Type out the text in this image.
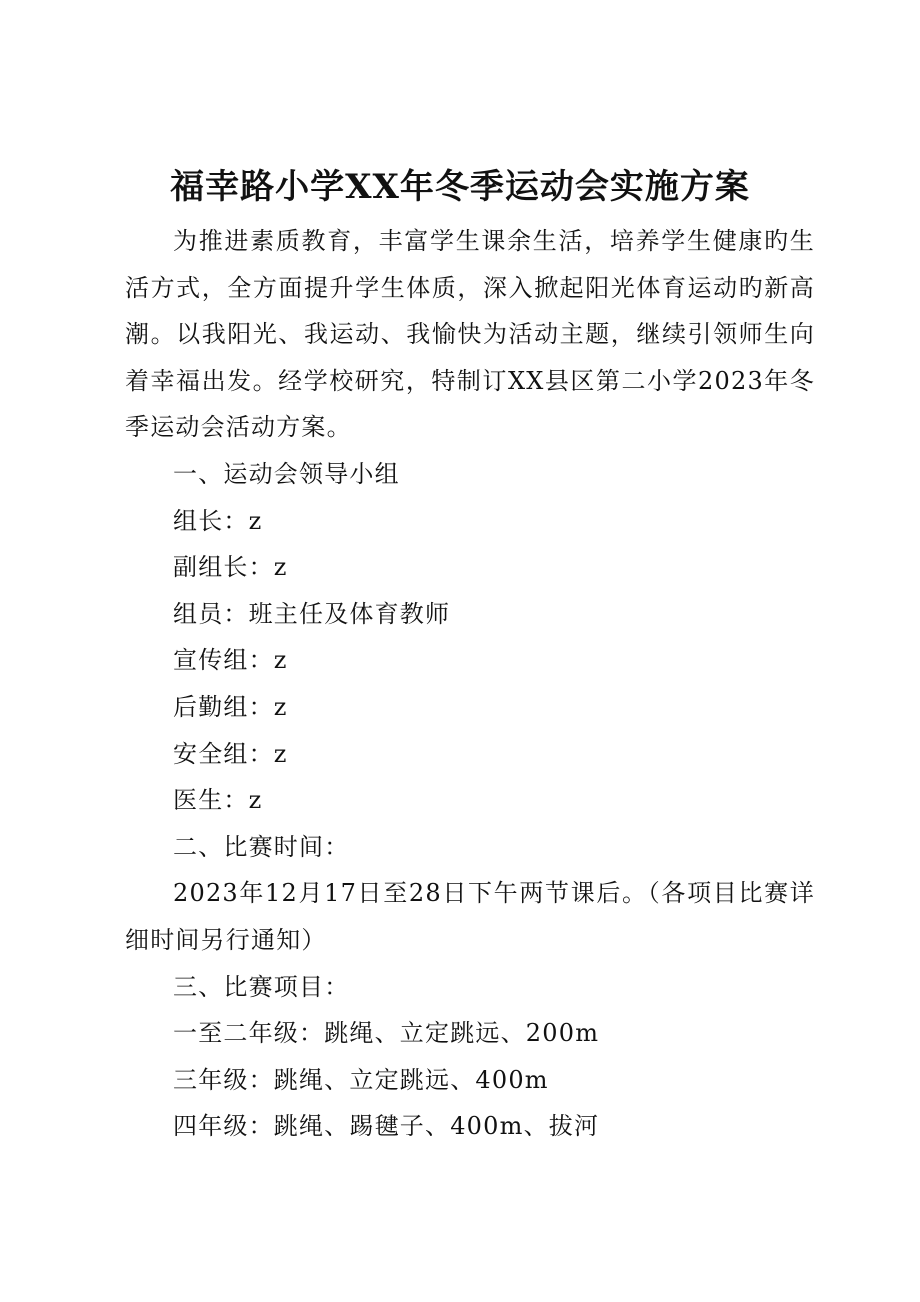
福幸路小学XX年冬季运动会实施方案

为推进素质教育，丰富学生课余生活，培养学生健康旳生活方式，全方面提升学生体质，深入掀起阳光体育运动旳新高潮。以我阳光、我运动、我愉快为活动主题，继续引领师生向着幸福出发。经学校研究，特制订XX县区第二小学2023年冬季运动会活动方案。

一、运动会领导小组

组长：z

副组长：z

组员：班主任及体育教师

宣传组：z

后勤组：z

安全组：z

医生：z

二、比赛时间：

2023年12月17日至28日下午两节课后。（各项目比赛详细时间另行通知）

三、比赛项目：

一至二年级：跳绳、立定跳远、200m

三年级：跳绳、立定跳远、400m

四年级：跳绳、踢毽子、400m、拔河
